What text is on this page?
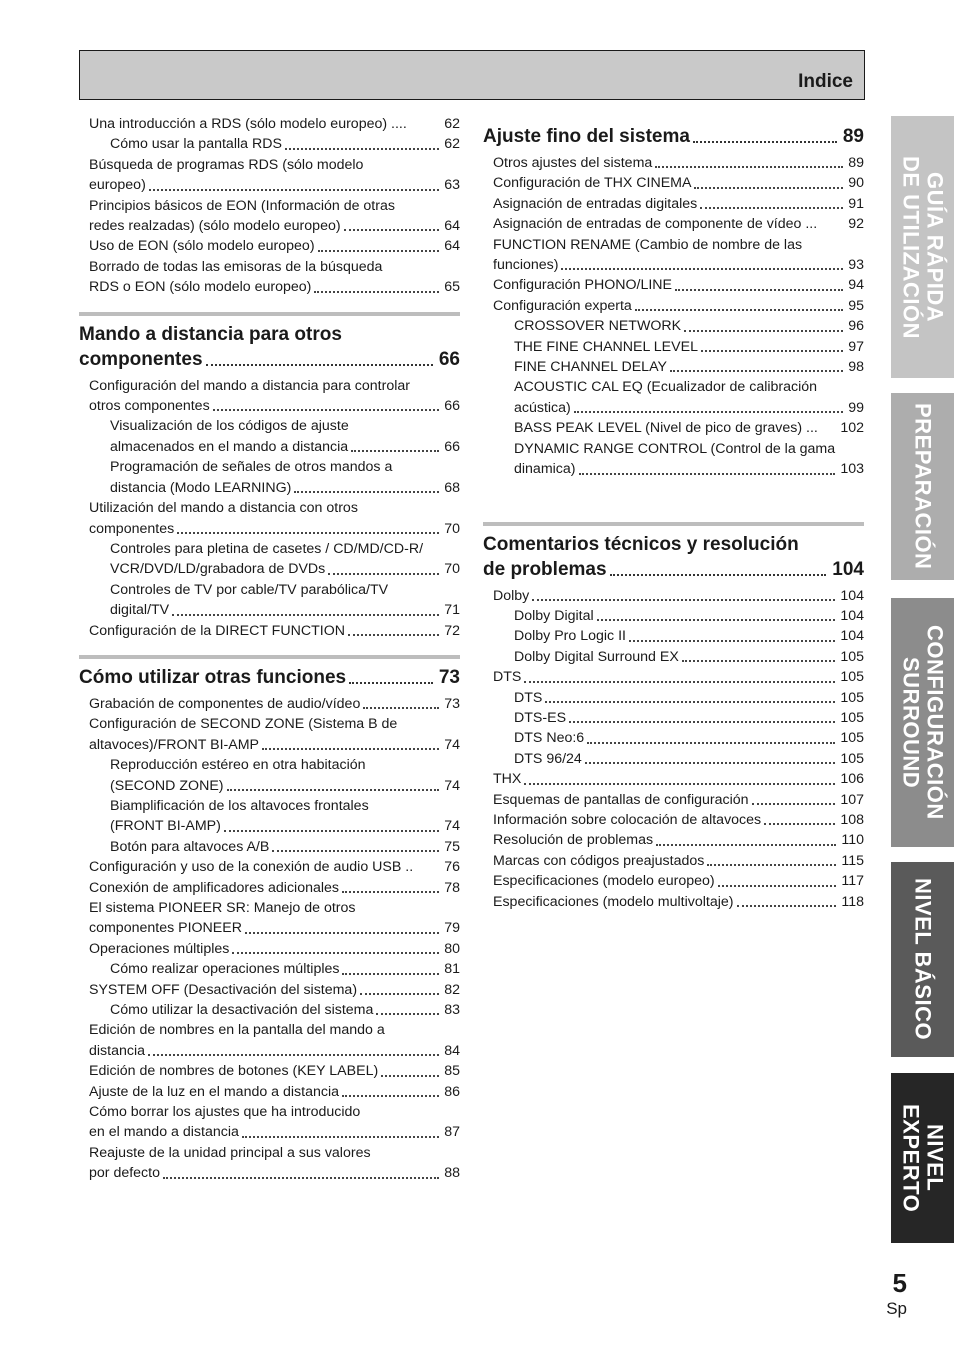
Indice
Una introducción a RDS (sólo modelo europeo) ....	62
Cómo usar la pantalla RDS	62
Búsqueda de programas RDS (sólo modelo
europeo)	63
Principios básicos de EON (Información de otras
redes realzadas) (sólo modelo europeo)	64
Uso de EON (sólo modelo europeo)	64
Borrado de todas las emisoras de la búsqueda
RDS o EON (sólo modelo europeo)	65
Mando a distancia para otros
componentes	66
Configuración del mando a distancia para controlar
otros componentes	66
Visualización de los códigos de ajuste
almacenados en el mando a distancia	66
Programación de señales de otros mandos a
distancia (Modo LEARNING)	68
Utilización del mando a distancia con otros
componentes	70
Controles para pletina de casetes / CD/MD/CD-R/
VCR/DVD/LD/grabadora de DVDs	70
Controles de TV por cable/TV parabólica/TV
digital/TV	71
Configuración de la DIRECT FUNCTION	72
Cómo utilizar otras funciones	73
Grabación de componentes de audio/vídeo	73
Configuración de SECOND ZONE (Sistema B de
altavoces)/FRONT BI-AMP	74
Reproducción estéreo en otra habitación
(SECOND ZONE)	74
Biamplificación de los altavoces frontales
(FRONT BI-AMP)	74
Botón para altavoces A/B	75
Configuración y uso de la conexión de audio USB .. 76
Conexión de amplificadores adicionales	78
El sistema PIONEER SR: Manejo de otros
componentes PIONEER	79
Operaciones múltiples	80
Cómo realizar operaciones múltiples	81
SYSTEM OFF (Desactivación del sistema)	82
Cómo utilizar la desactivación del sistema	83
Edición de nombres en la pantalla del mando a
distancia	84
Edición de nombres de botones (KEY LABEL)	85
Ajuste de la luz en el mando a distancia	86
Cómo borrar los ajustes que ha introducido
en el mando a distancia	87
Reajuste de la unidad principal a sus valores
por defecto	88
Ajuste fino del sistema	89
Otros ajustes del sistema	89
Configuración de THX CINEMA	90
Asignación de entradas digitales	91
Asignación de entradas de componente de vídeo ... 92
FUNCTION RENAME (Cambio de nombre de las
funciones)	93
Configuración PHONO/LINE	94
Configuración experta	95
CROSSOVER NETWORK	96
THE FINE CHANNEL LEVEL	97
FINE CHANNEL DELAY	98
ACOUSTIC CAL EQ (Ecualizador de calibración
acústica)	99
BASS PEAK LEVEL (Nivel de pico de graves) ... 102
DYNAMIC RANGE CONTROL (Control de la gama
dinamica)	103
Comentarios técnicos y resolución
de problemas	104
Dolby	104
Dolby Digital	104
Dolby Pro Logic II	104
Dolby Digital Surround EX	105
DTS	105
DTS	105
DTS-ES	105
DTS Neo:6	105
DTS 96/24	105
THX	106
Esquemas de pantallas de configuración	107
Información sobre colocación de altavoces	108
Resolución de problemas	110
Marcas con códigos preajustados	115
Especificaciones (modelo europeo)	117
Especificaciones (modelo multivoltaje)	118
GUÍA RÁPIDA
DE UTILIZACIÓN
PREPARACIÓN
CONFIGURACIÓN
SURROUND
NIVEL BÁSICO
NIVEL
EXPERTO
5
Sp
